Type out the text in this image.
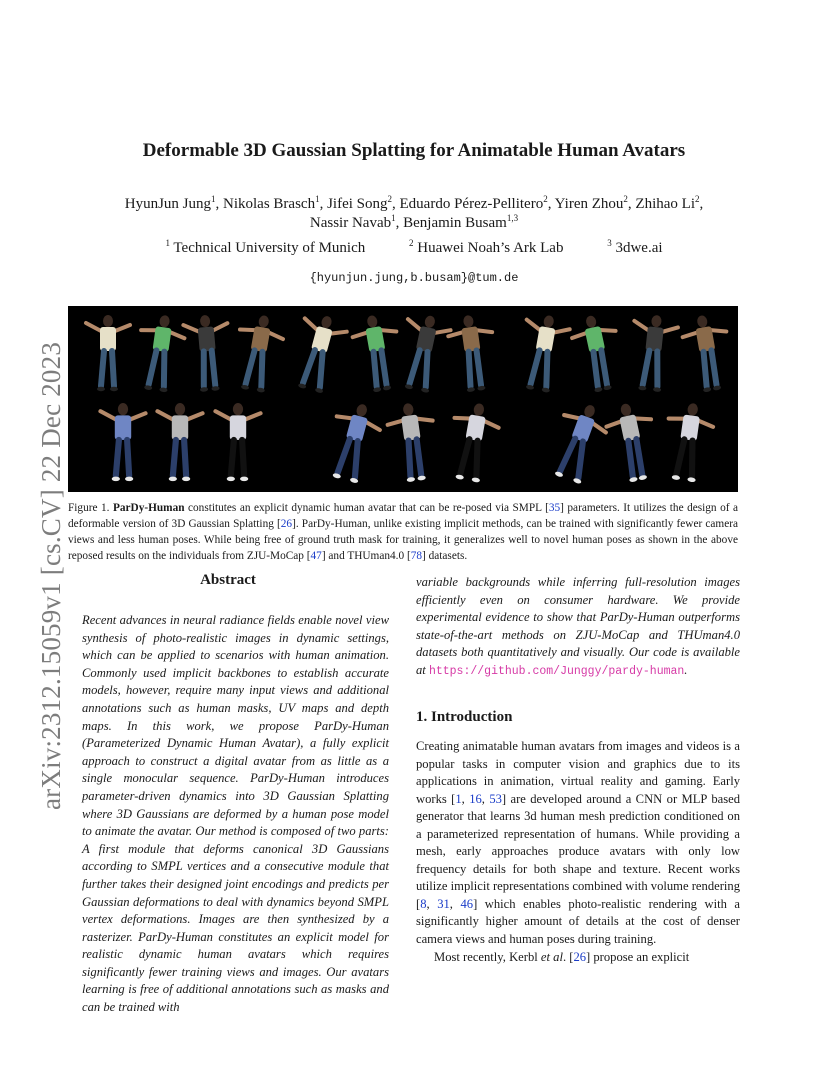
arXiv:2312.15059v1 [cs.CV] 22 Dec 2023
Deformable 3D Gaussian Splatting for Animatable Human Avatars
HyunJun Jung$^1$, Nikolas Brasch$^1$, Jifei Song$^2$, Eduardo Pérez-Pellitero$^2$, Yiren Zhou$^2$, Zhihao Li$^2$,
Nassir Navab$^1$, Benjamin Busam$^{1,3}$
$^1$ Technical University of Munich	$^2$ Huawei Noah’s Ark Lab	$^3$ 3dwe.ai
{hyunjun.jung,b.busam}@tum.de
Figure 1. ParDy-Human constitutes an explicit dynamic human avatar that can be re-posed via SMPL [35] parameters. It utilizes the design of a deformable version of 3D Gaussian Splatting [26]. ParDy-Human, unlike existing implicit methods, can be trained with significantly fewer camera views and less human poses. While being free of ground truth mask for training, it generalizes well to novel human poses as shown in the above reposed results on the individuals from ZJU-MoCap [47] and THUman4.0 [78] datasets.
Abstract
Recent advances in neural radiance fields enable novel view synthesis of photo-realistic images in dynamic settings, which can be applied to scenarios with human animation. Commonly used implicit backbones to establish accurate models, however, require many input views and additional annotations such as human masks, UV maps and depth maps. In this work, we propose ParDy-Human (Parameterized Dynamic Human Avatar), a fully explicit approach to construct a digital avatar from as little as a single monocular sequence. ParDy-Human introduces parameter-driven dynamics into 3D Gaussian Splatting where 3D Gaussians are deformed by a human pose model to animate the avatar. Our method is composed of two parts: A first module that deforms canonical 3D Gaussians according to SMPL vertices and a consecutive module that further takes their designed joint encodings and predicts per Gaussian deformations to deal with dynamics beyond SMPL vertex deformations. Images are then synthesized by a rasterizer. ParDy-Human constitutes an explicit model for realistic dynamic human avatars which requires significantly fewer training views and images. Our avatars learning is free of additional annotations such as masks and can be trained with
variable backgrounds while inferring full-resolution images efficiently even on consumer hardware. We provide experimental evidence to show that ParDy-Human outperforms state-of-the-art methods on ZJU-MoCap and THUman4.0 datasets both quantitatively and visually. Our code is available at https://github.com/Junggy/pardy-human.
1. Introduction

Creating animatable human avatars from images and videos is a popular tasks in computer vision and graphics due to its applications in animation, virtual reality and gaming. Early works [1, 16, 53] are developed around a CNN or MLP based generator that learns 3d human mesh prediction conditioned on a parameterized representation of humans. While providing a mesh, early approaches produce avatars with only low frequency details for both shape and texture. Recent works utilize implicit representations combined with volume rendering [8, 31, 46] which enables photo-realistic rendering with a significantly higher amount of details at the cost of denser camera views and human poses during training.

Most recently, Kerbl et al. [26] propose an explicit
